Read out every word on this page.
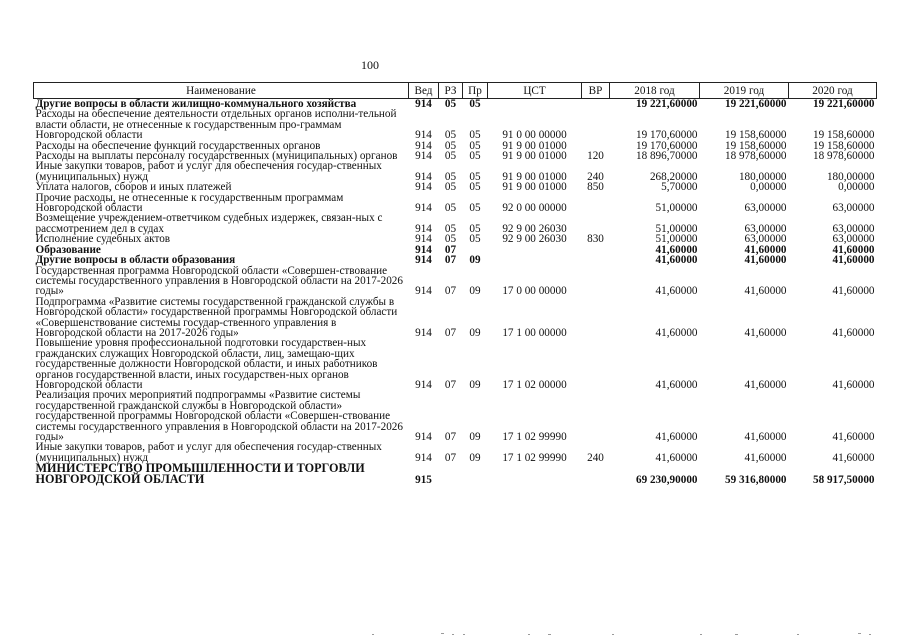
100
Наименование	Вед	РЗ	Пр	ЦСТ	ВР	2018 год	2019 год	2020 год
Другие вопросы в области жилищно-коммунального хозяйства	914	05	05			19 221,60000	19 221,60000	19 221,60000
Расходы на обеспечение деятельности отдельных органов исполни-тельной власти области, не отнесенные к государственным про-граммам Новгородской области	914	05	05	91 0 00 00000		19 170,60000	19 158,60000	19 158,60000
Расходы на обеспечение функций государственных органов	914	05	05	91 9 00 01000		19 170,60000	19 158,60000	19 158,60000
Расходы на выплаты персоналу государственных (муниципальных) органов	914	05	05	91 9 00 01000	120	18 896,70000	18 978,60000	18 978,60000
Иные закупки товаров, работ и услуг для обеспечения государ-ственных (муниципальных) нужд	914	05	05	91 9 00 01000	240	268,20000	180,00000	180,00000
Уплата налогов, сборов и иных платежей	914	05	05	91 9 00 01000	850	5,70000	0,00000	0,00000
Прочие расходы, не отнесенные к государственным программам Новгородской области	914	05	05	92 0 00 00000		51,00000	63,00000	63,00000
Возмещение учреждением-ответчиком судебных издержек, связан-ных с рассмотрением дел в судах	914	05	05	92 9 00 26030		51,00000	63,00000	63,00000
Исполнение судебных актов	914	05	05	92 9 00 26030	830	51,00000	63,00000	63,00000
Образование	914	07				41,60000	41,60000	41,60000
Другие вопросы в области образования	914	07	09			41,60000	41,60000	41,60000
Государственная программа Новгородской области «Совершен-ствование системы государственного управления в Новгородской области на 2017-2026 годы»	914	07	09	17 0 00 00000		41,60000	41,60000	41,60000
Подпрограмма «Развитие системы государственной гражданской службы в Новгородской области» государственной программы Новгородской области «Совершенствование системы государ-ственного управления в Новгородской области на 2017-2026 годы»	914	07	09	17 1 00 00000		41,60000	41,60000	41,60000
Повышение уровня профессиональной подготовки государствен-ных гражданских служащих Новгородской области, лиц, замещаю-щих государственные должности Новгородской области, и иных работников органов государственной власти, иных государствен-ных органов Новгородской области	914	07	09	17 1 02 00000		41,60000	41,60000	41,60000
Реализация прочих мероприятий подпрограммы «Развитие системы государственной гражданской службы в Новгородской области» государственной программы Новгородской области «Совершен-ствование системы государственного управления в Новгородской области на 2017-2026 годы»	914	07	09	17 1 02 99990		41,60000	41,60000	41,60000
Иные закупки товаров, работ и услуг для обеспечения государ-ственных (муниципальных) нужд	914	07	09	17 1 02 99990	240	41,60000	41,60000	41,60000
МИНИСТЕРСТВО ПРОМЫШЛЕННОСТИ И ТОРГОВЛИ НОВГОРОДСКОЙ ОБЛАСТИ	915					69 230,90000	59 316,80000	58 917,50000
